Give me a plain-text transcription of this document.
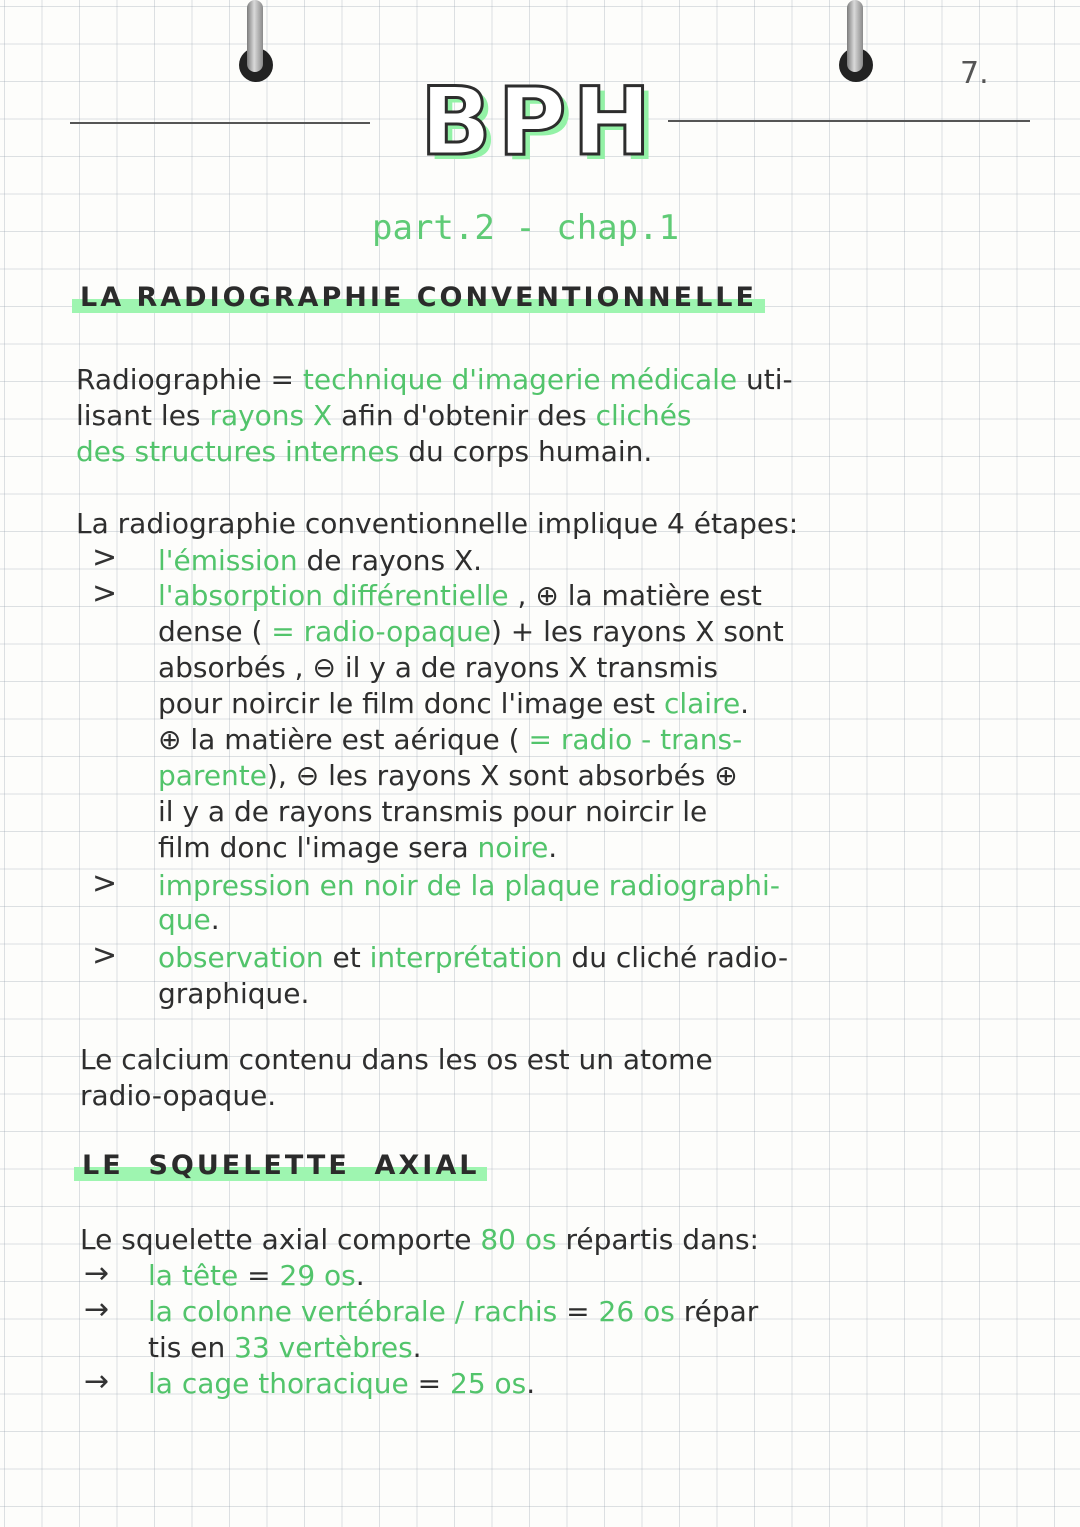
BPH	7.
part.2 - chap.1
LA RADIOGRAPHIE CONVENTIONNELLE
Radiographie = technique d'imagerie médicale uti-
lisant les rayons X afin d'obtenir des clichés
des structures internes du corps humain.
La radiographie conventionnelle implique 4 étapes:
> l'émission de rayons X.
> l'absorption différentielle , ⊕ la matière est
dense ( = radio-opaque) + les rayons X sont
absorbés , ⊖ il y a de rayons X transmis
pour noircir le film donc l'image est claire.
⊕ la matière est aérique ( = radio - trans-
parente), ⊖ les rayons X sont absorbés ⊕
il y a de rayons transmis pour noircir le
film donc l'image sera noire.
> impression en noir de la plaque radiographi-
que.
> observation et interprétation du cliché radio-
graphique.
Le calcium contenu dans les os est un atome
radio-opaque.
LE  SQUELETTE  AXIAL
Le squelette axial comporte 80 os répartis dans:
→ la tête = 29 os.
→ la colonne vertébrale / rachis = 26 os répar
tis en 33 vertèbres.
→ la cage thoracique = 25 os.
